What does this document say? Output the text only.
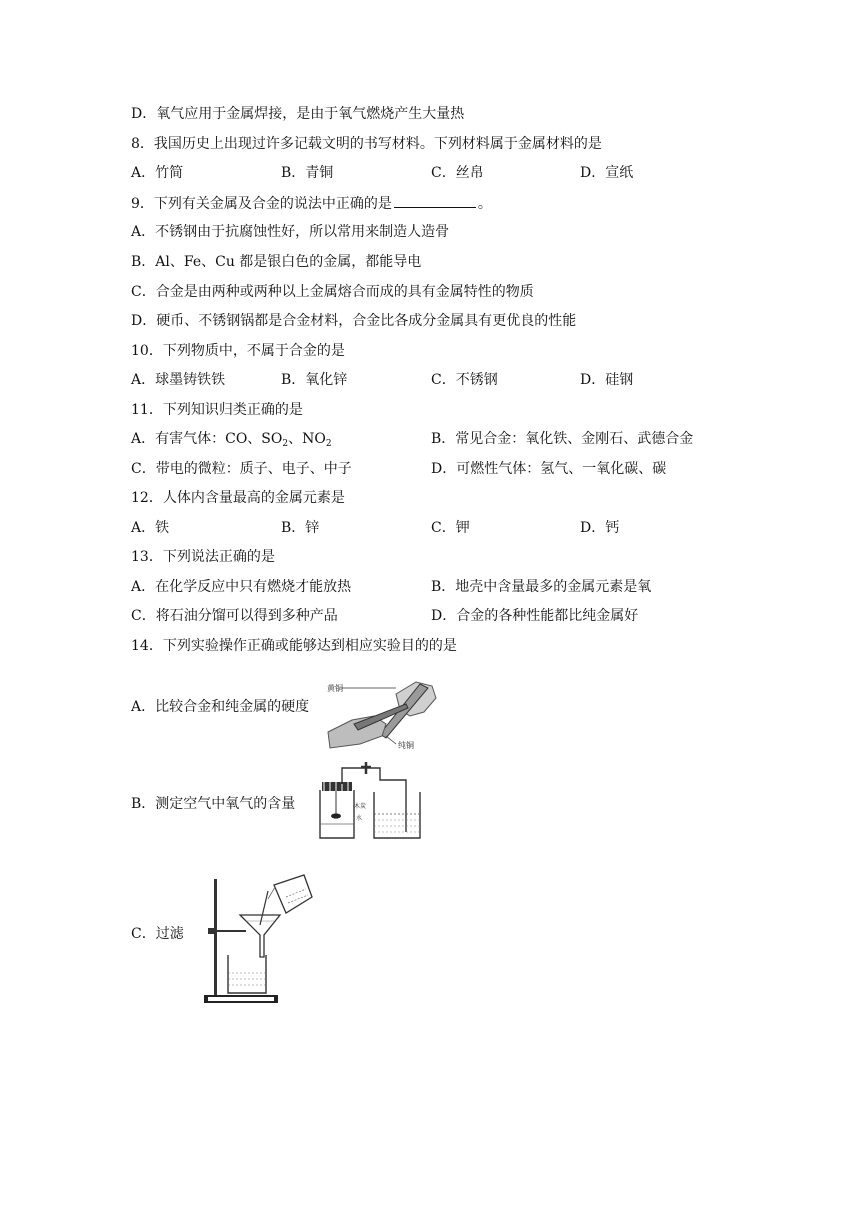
D．氧气应用于金属焊接，是由于氧气燃烧产生大量热
8．我国历史上出现过许多记载文明的书写材料。下列材料属于金属材料的是
A．竹简	B．青铜	C．丝帛	D．宣纸
9．下列有关金属及合金的说法中正确的是	。
A．不锈钢由于抗腐蚀性好，所以常用来制造人造骨
B．Al、Fe、Cu 都是银白色的金属，都能导电
C．合金是由两种或两种以上金属熔合而成的具有金属特性的物质
D．硬币、不锈钢锅都是合金材料，合金比各成分金属具有更优良的性能
10．下列物质中，不属于合金的是
A．球墨铸铁铁	B．氧化锌	C．不锈钢	D．硅钢
11．下列知识归类正确的是
A．有害气体：CO、$SO_2$、$NO_2$	B．常见合金：氧化铁、金刚石、武德合金
C．带电的微粒：质子、电子、中子	D．可燃性气体：氢气、一氧化碳、碳
12．人体内含量最高的金属元素是
A．铁	B．锌	C．钾	D．钙
13．下列说法正确的是
A．在化学反应中只有燃烧才能放热	B．地壳中含量最多的金属元素是氧
C．将石油分馏可以得到多种产品	D．合金的各种性能都比纯金属好
14．下列实验操作正确或能够达到相应实验目的的是
A．比较合金和纯金属的硬度
黄铜
纯铜
B．测定空气中氧气的含量	木炭
水
C．过滤
